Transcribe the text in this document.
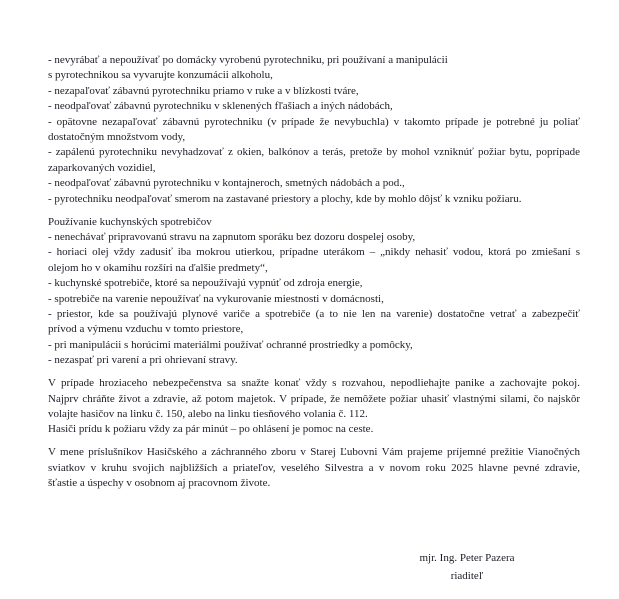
- nevyrábať a nepoužívať po domácky vyrobenú pyrotechniku, pri používaní a manipulácii
s pyrotechnikou sa vyvarujte konzumácii alkoholu,
- nezapaľovať zábavnú pyrotechniku priamo v ruke a v blízkosti tváre,
- neodpaľovať zábavnú pyrotechniku v sklenených fľašiach a iných nádobách,
- opätovne nezapaľovať zábavnú pyrotechniku (v prípade že nevybuchla) v takomto prípade je potrebné ju poliať
dostatočným množstvom vody,
- zapálenú pyrotechniku nevyhadzovať z okien, balkónov a terás, pretože by mohol vzniknúť požiar bytu, poprípade
zaparkovaných vozidiel,
- neodpaľovať zábavnú pyrotechniku v kontajneroch, smetných nádobách a pod.,
- pyrotechniku neodpaľovať smerom na zastavané priestory a plochy, kde by mohlo dôjsť k vzniku požiaru.
Používanie kuchynských spotrebičov
- nenechávať pripravovanú stravu na zapnutom sporáku bez dozoru dospelej osoby,
- horiaci olej vždy zadusiť iba mokrou utierkou, prípadne uterákom – „nikdy nehasiť vodou, ktorá po zmiešaní s
olejom ho v okamihu rozšíri na ďalšie predmety“,
- kuchynské spotrebiče, ktoré sa nepoužívajú vypnúť od zdroja energie,
- spotrebiče na varenie nepoužívať na vykurovanie miestnosti v domácnosti,
- priestor, kde sa používajú plynové variče a spotrebiče (a to nie len na varenie) dostatočne vetrať a zabezpečiť
prívod a výmenu vzduchu v tomto priestore,
- pri manipulácii s horúcimi materiálmi používať ochranné prostriedky a pomôcky,
- nezaspať pri varení a pri ohrievaní stravy.
V prípade hroziaceho nebezpečenstva sa snažte konať vždy s rozvahou, nepodliehajte panike a zachovajte pokoj.
Najprv chráňte život a zdravie, až potom majetok. V prípade, že nemôžete požiar uhasiť vlastnými silami, čo najskôr
volajte hasičov na linku č. 150, alebo na linku tiesňového volania č. 112.
Hasiči prídu k požiaru vždy za pár minút – po ohlásení je pomoc na ceste.
V mene príslušníkov Hasičského a záchranného zboru v Starej Ľubovni Vám prajeme príjemné prežitie Vianočných
sviatkov v kruhu svojich najbližších a priateľov, veselého Silvestra a v novom roku 2025 hlavne pevné zdravie,
šťastie a úspechy v osobnom aj pracovnom živote.
mjr. Ing. Peter Pazera
riaditeľ
